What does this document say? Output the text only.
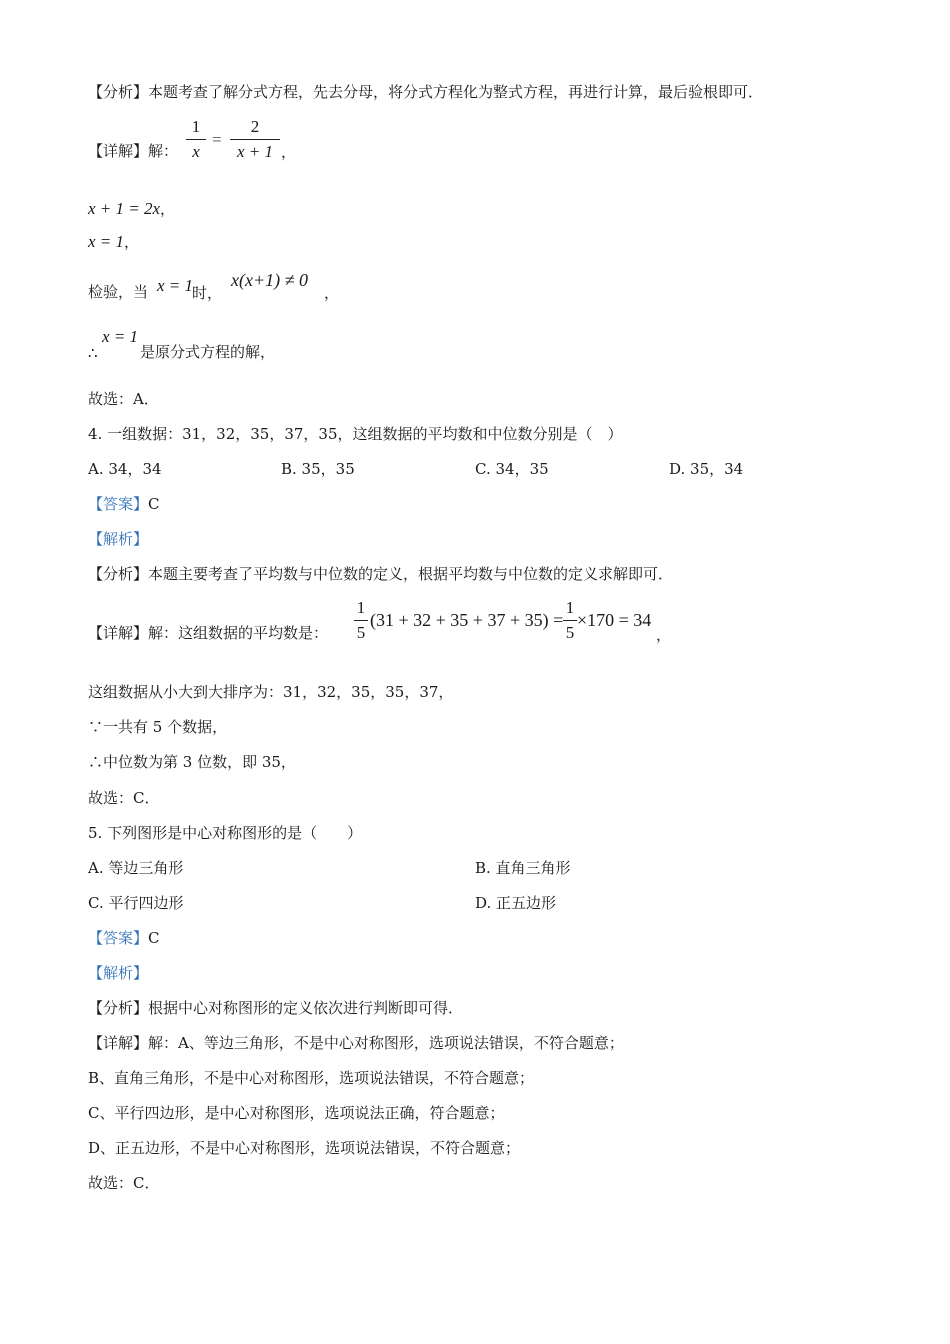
【分析】本题考查了解分式方程，先去分母，将分式方程化为整式方程，再进行计算，最后验根即可．
【详解】解：
1
x
=
2
x + 1 ，
x + 1 = 2x，
x = 1，
检验，当 x = 1
时，
x(x+1) ≠ 0
，
∴
x = 1
是原分式方程的解，
故选：A．
4. 一组数据：31，32，35，37，35，这组数据的平均数和中位数分别是（　）
A. 34，34	B. 35，35	C. 34，35	D. 35，34
【答案】C
【解析】
【分析】本题主要考查了平均数与中位数的定义，根据平均数与中位数的定义求解即可．
【详解】解：这组数据的平均数是：
1
5
(31 + 32 + 35 + 37 + 35) =
1
5
×170 = 34
，
这组数据从小大到大排序为：31，32，35，35，37，
∵一共有 5 个数据，
∴中位数为第 3 位数，即 35，
故选：C．
5. 下列图形是中心对称图形的是（　　）
A. 等边三角形	B. 直角三角形
C. 平行四边形	D. 正五边形
【答案】C
【解析】
【分析】根据中心对称图形的定义依次进行判断即可得．
【详解】解：A、等边三角形，不是中心对称图形，选项说法错误，不符合题意；
B、直角三角形，不是中心对称图形，选项说法错误，不符合题意；
C、平行四边形，是中心对称图形，选项说法正确，符合题意；
D、正五边形，不是中心对称图形，选项说法错误，不符合题意；
故选：C．
